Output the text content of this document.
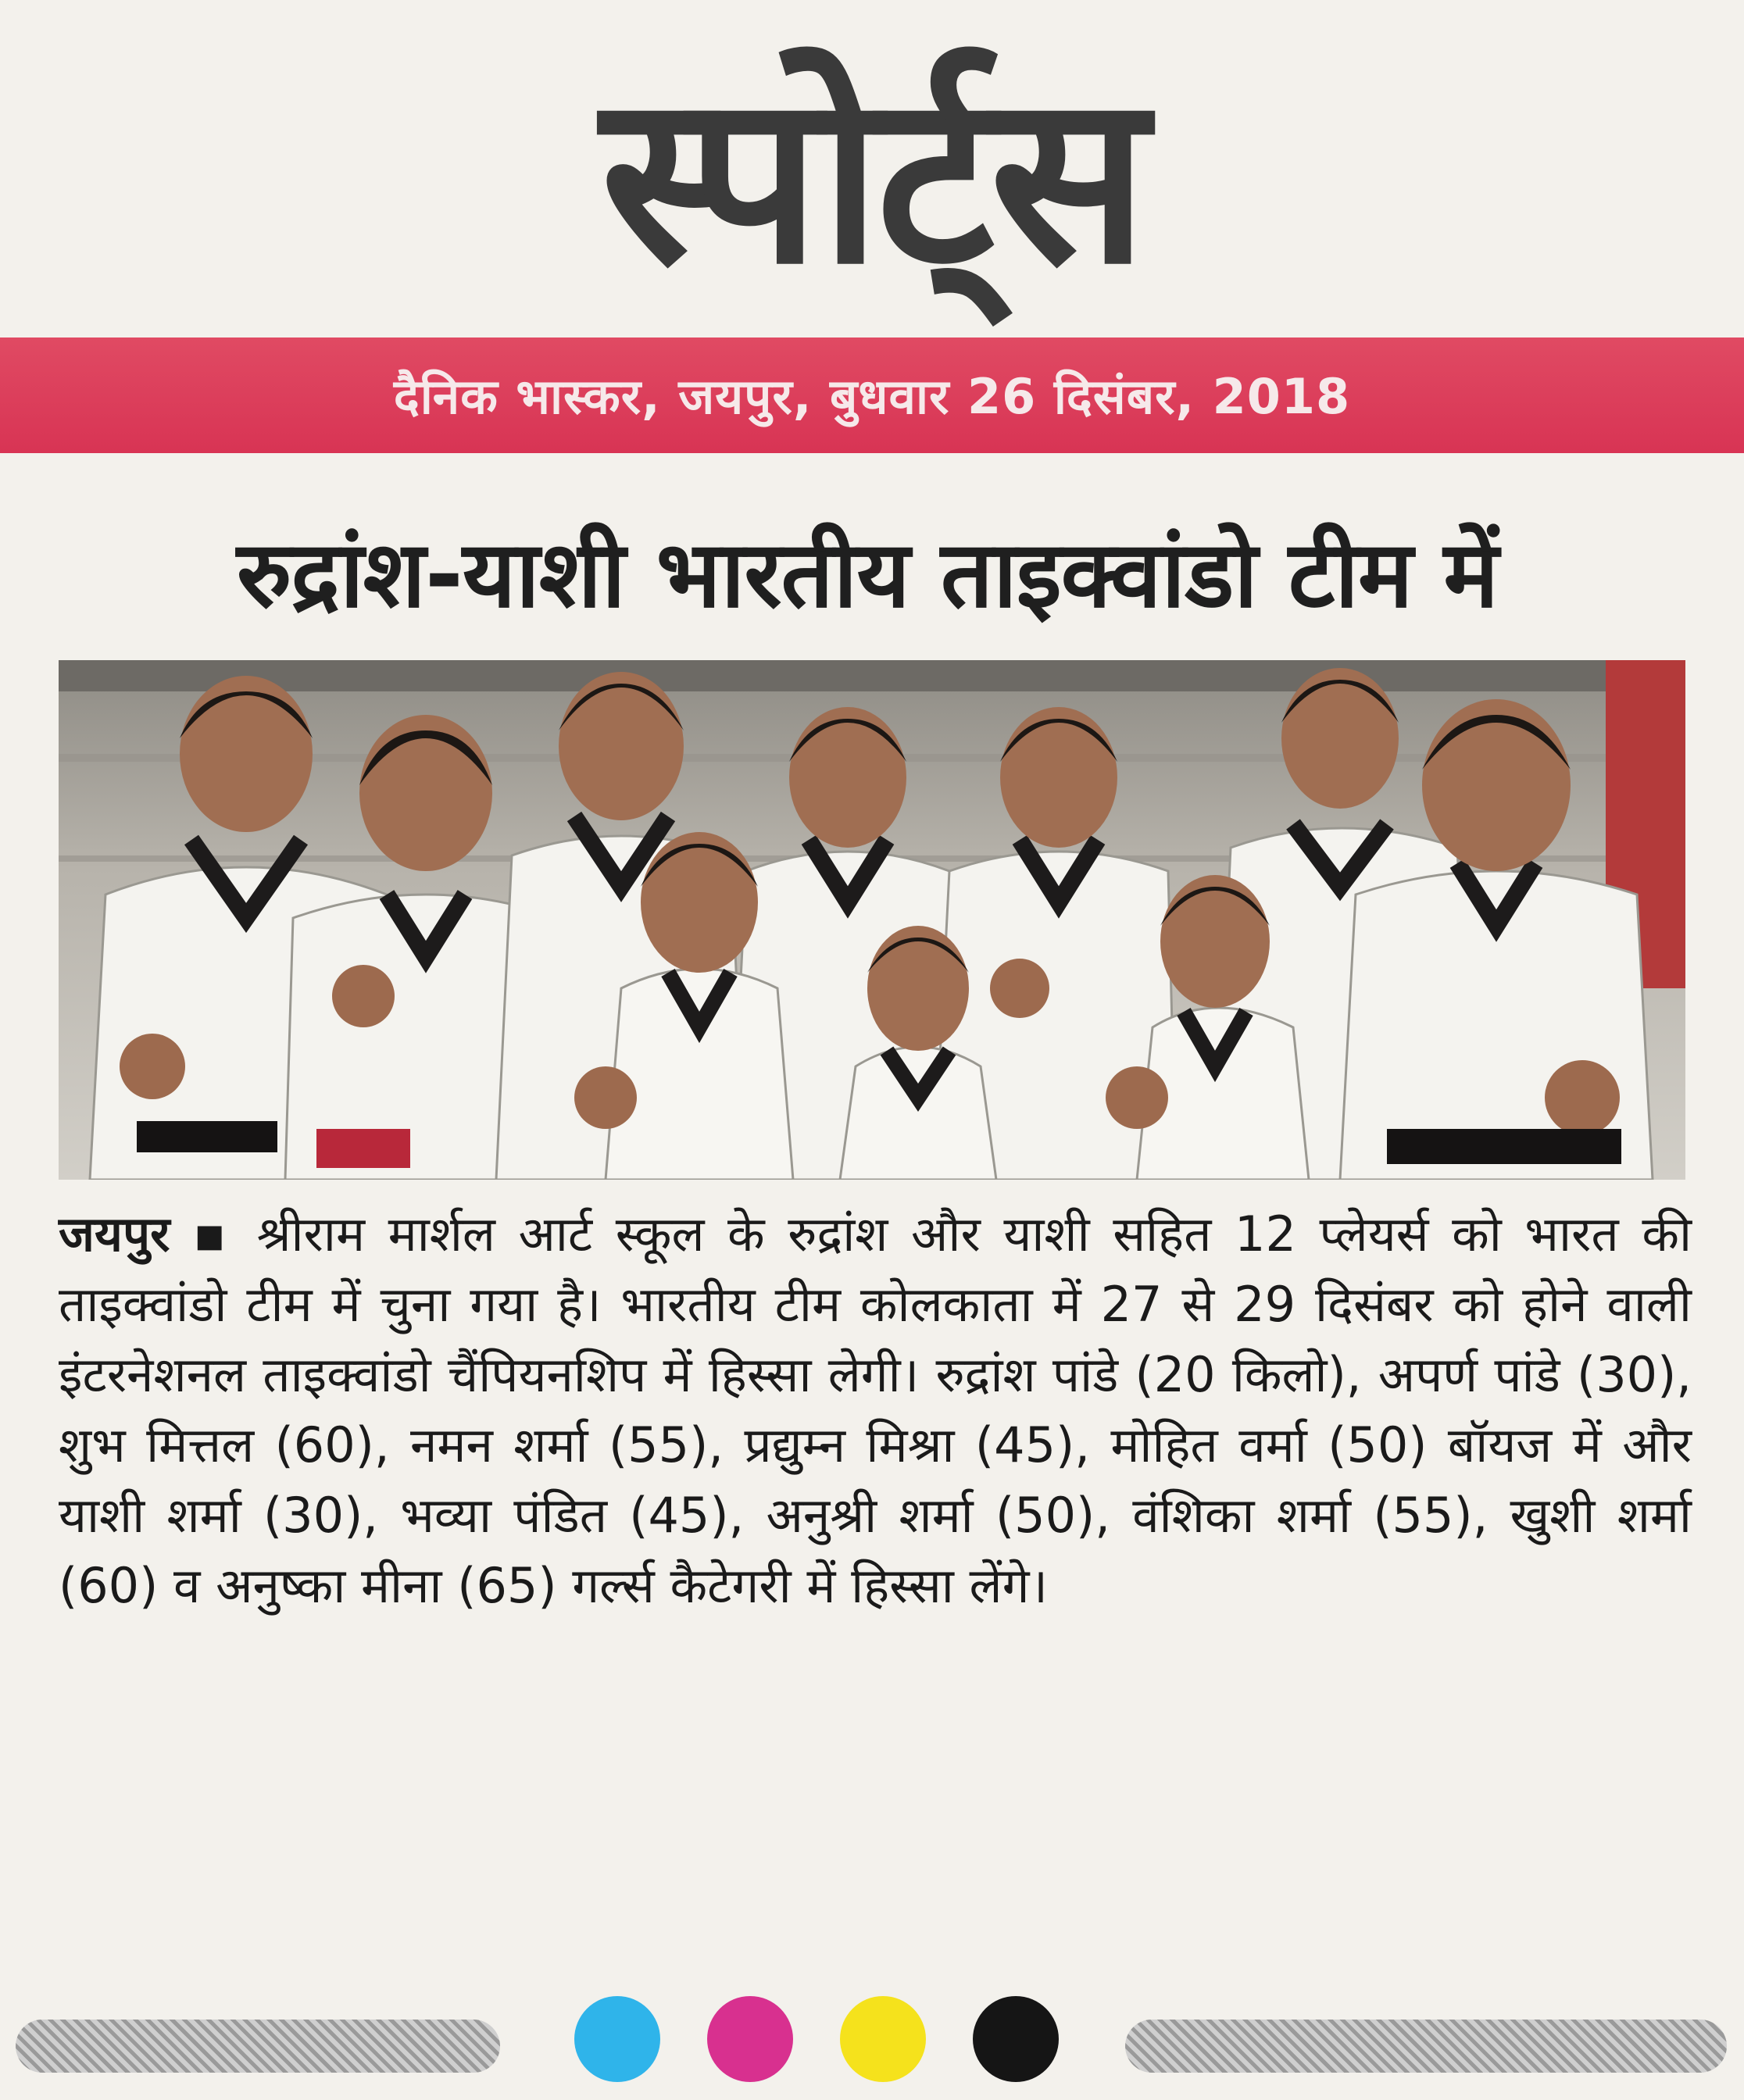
स्पोर्ट्स
दैनिक भास्कर, जयपुर, बुधवार 26 दिसंबर, 2018
रुद्रांश-याशी भारतीय ताइक्वांडो टीम में
जयपुर ▪ श्रीराम मार्शल आर्ट स्कूल के रुद्रांश और याशी सहित 12 प्लेयर्स को भारत की ताइक्वांडो टीम में चुना गया है। भारतीय टीम कोलकाता में 27 से 29 दिसंबर को होने वाली इंटरनेशनल ताइक्वांडो चैंपियनशिप में हिस्सा लेगी। रुद्रांश पांडे (20 किलो), अपर्ण पांडे (30), शुभ मित्तल (60), नमन शर्मा (55), प्रद्युम्न मिश्रा (45), मोहित वर्मा (50) बॉयज में और याशी शर्मा (30), भव्या पंडित (45), अनुश्री शर्मा (50), वंशिका शर्मा (55), खुशी शर्मा (60) व अनुष्का मीना (65) गर्ल्स कैटेगरी में हिस्सा लेंगे।
